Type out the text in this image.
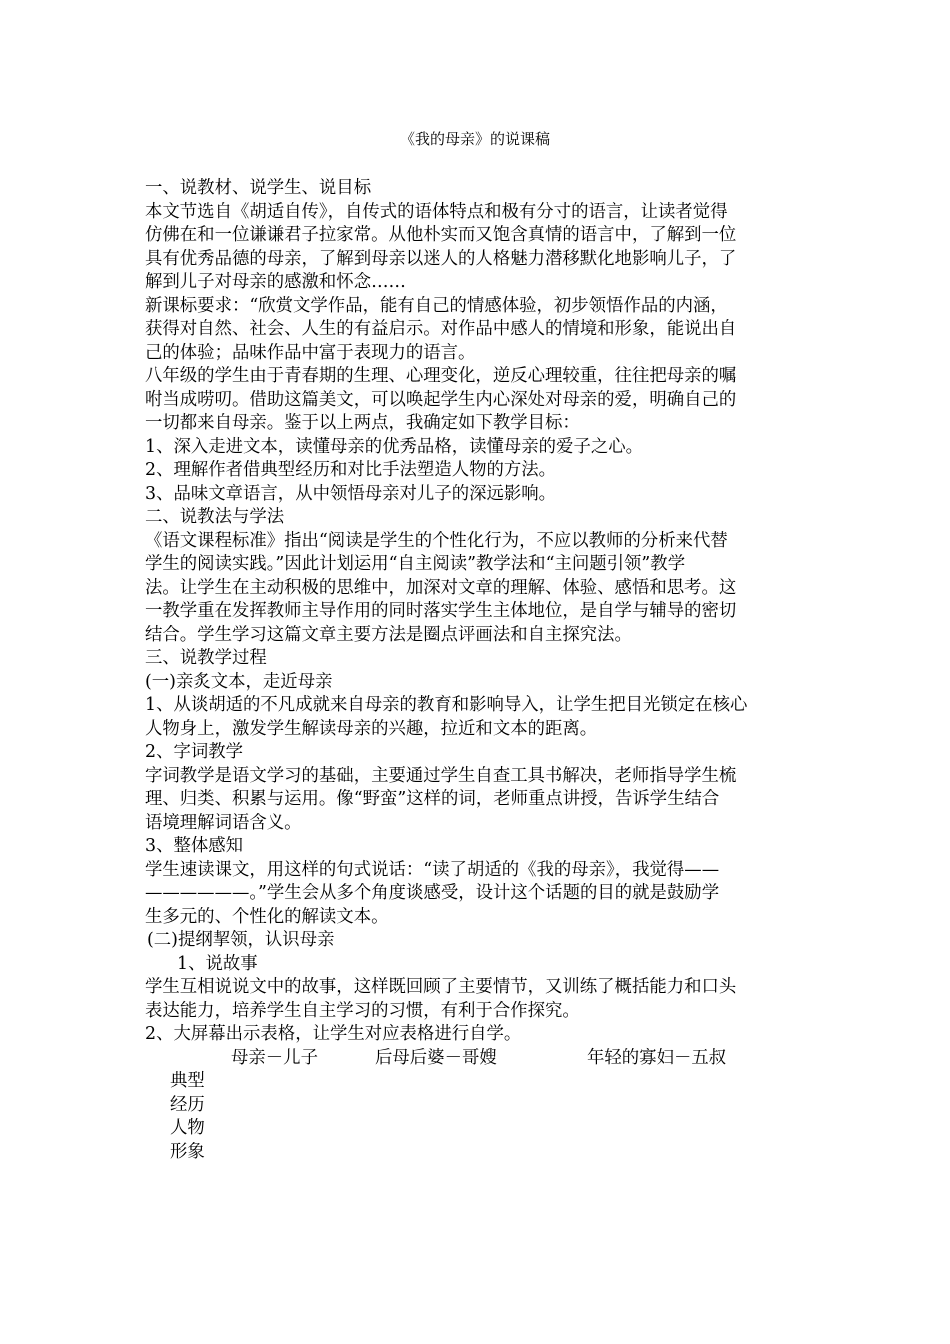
《我的母亲》的说课稿

一、说教材、说学生、说目标

本文节选自《胡适自传》，自传式的语体特点和极有分寸的语言，让读者觉得

仿佛在和一位谦谦君子拉家常。从他朴实而又饱含真情的语言中，了解到一位

具有优秀品德的母亲，了解到母亲以迷人的人格魅力潜移默化地影响儿子，了

解到儿子对母亲的感激和怀念……

新课标要求：“欣赏文学作品，能有自己的情感体验，初步领悟作品的内涵，

获得对自然、社会、人生的有益启示。对作品中感人的情境和形象，能说出自

己的体验；品味作品中富于表现力的语言。

八年级的学生由于青春期的生理、心理变化，逆反心理较重，往往把母亲的嘱

咐当成唠叨。借助这篇美文，可以唤起学生内心深处对母亲的爱，明确自己的

一切都来自母亲。鉴于以上两点，我确定如下教学目标：

1、深入走进文本，读懂母亲的优秀品格，读懂母亲的爱子之心。

2、理解作者借典型经历和对比手法塑造人物的方法。

3、品味文章语言，从中领悟母亲对儿子的深远影响。

二、说教法与学法

《语文课程标准》指出“阅读是学生的个性化行为，不应以教师的分析来代替

学生的阅读实践。”因此计划运用“自主阅读”教学法和“主问题引领”教学

法。让学生在主动积极的思维中，加深对文章的理解、体验、感悟和思考。这

一教学重在发挥教师主导作用的同时落实学生主体地位，是自学与辅导的密切

结合。学生学习这篇文章主要方法是圈点评画法和自主探究法。

三、说教学过程

(一)亲炙文本，走近母亲

1、从谈胡适的不凡成就来自母亲的教育和影响导入，让学生把目光锁定在核心

人物身上，激发学生解读母亲的兴趣，拉近和文本的距离。

2、字词教学

字词教学是语文学习的基础，主要通过学生自查工具书解决，老师指导学生梳

理、归类、积累与运用。像“野蛮”这样的词，老师重点讲授，告诉学生结合

语境理解词语含义。

3、整体感知

学生速读课文，用这样的句式说话：“读了胡适的《我的母亲》，我觉得——

——————。”学生会从多个角度谈感受，设计这个话题的目的就是鼓励学

生多元的、个性化的解读文本。

(二)提纲挈领，认识母亲

1、说故事

学生互相说说文中的故事，这样既回顾了主要情节，又训练了概括能力和口头

表达能力，培养学生自主学习的习惯，有利于合作探究。

2、大屏幕出示表格，让学生对应表格进行自学。

母亲－儿子	后母后婆－哥嫂	年轻的寡妇－五叔

典型

经历

人物

形象
